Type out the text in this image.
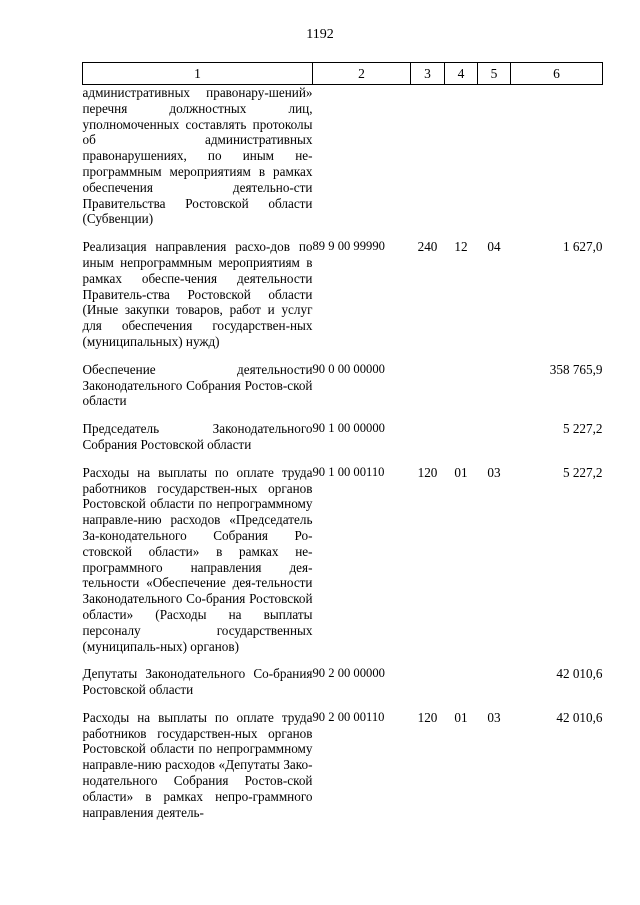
1192
1	2	3	4	5	6
административных правонару-шений» перечня должностных лиц, уполномоченных составлять протоколы об административных правонарушениях, по иным не-программным мероприятиям в рамках обеспечения деятельно-сти Правительства Ростовской области (Субвенции)					
Реализация направления расхо-дов по иным непрограммным мероприятиям в рамках обеспе-чения деятельности Правитель-ства Ростовской области (Иные закупки товаров, работ и услуг для обеспечения государствен-ных (муниципальных) нужд)	89 9 00 99990	240	12	04	1 627,0
Обеспечение деятельности Законодательного Собрания Ростов-ской области	90 0 00 00000				358 765,9
Председатель Законодательного Собрания Ростовской области	90 1 00 00000				5 227,2
Расходы на выплаты по оплате труда работников государствен-ных органов Ростовской области по непрограммному направле-нию расходов «Председатель За-конодательного Собрания Ро-стовской области» в рамках не-программного направления дея-тельности «Обеспечение дея-тельности Законодательного Со-брания Ростовской области» (Расходы на выплаты персоналу государственных (муниципаль-ных) органов)	90 1 00 00110	120	01	03	5 227,2
Депутаты Законодательного Со-брания Ростовской области	90 2 00 00000				42 010,6
Расходы на выплаты по оплате труда работников государствен-ных органов Ростовской области по непрограммному направле-нию расходов «Депутаты Зако-нодательного Собрания Ростов-ской области» в рамках непро-граммного направления деятель-	90 2 00 00110	120	01	03	42 010,6
